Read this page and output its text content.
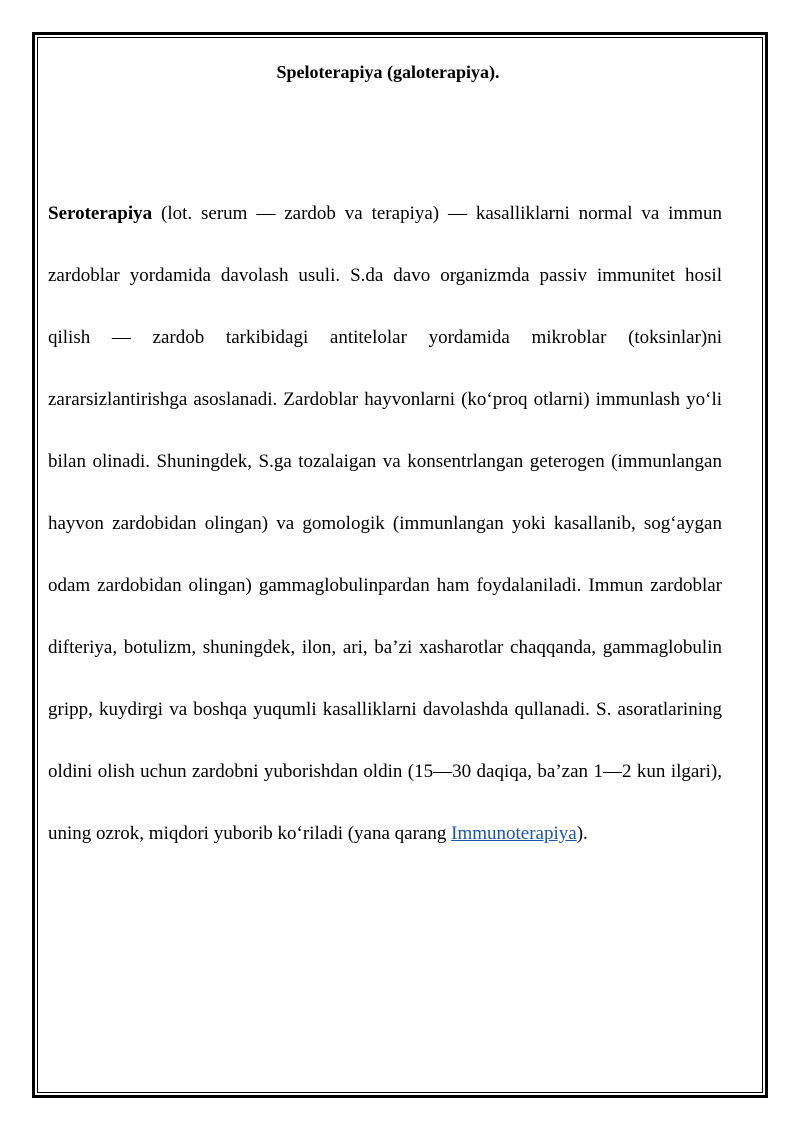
Speloterapiya (galoterapiya).

Seroterapiya (lot. serum — zardob va terapiya) — kasalliklarni normal va immun zardoblar yordamida davolash usuli. S.da davo organizmda passiv immunitet hosil qilish — zardob tarkibidagi antitelolar yordamida mikroblar (toksinlar)ni zararsizlantirishga asoslanadi. Zardoblar hayvonlarni (ko‘proq otlarni) immunlash yo‘li bilan olinadi. Shuningdek, S.ga tozalaigan va konsentrlangan geterogen (immunlangan hayvon zardobidan olingan) va gomologik (immunlangan yoki kasallanib, sog‘aygan odam zardobidan olingan) gammaglobulinpardan ham foydalaniladi. Immun zardoblar difteriya, botulizm, shuningdek, ilon, ari, ba’zi xasharotlar chaqqanda, gammaglobulin gripp, kuydirgi va boshqa yuqumli kasalliklarni davolashda qullanadi. S. asoratlarining oldini olish uchun zardobni yuborishdan oldin (15—30 daqiqa, ba’zan 1—2 kun ilgari), uning ozrok, miqdori yuborib ko‘riladi (yana qarang Immunoterapiya).
